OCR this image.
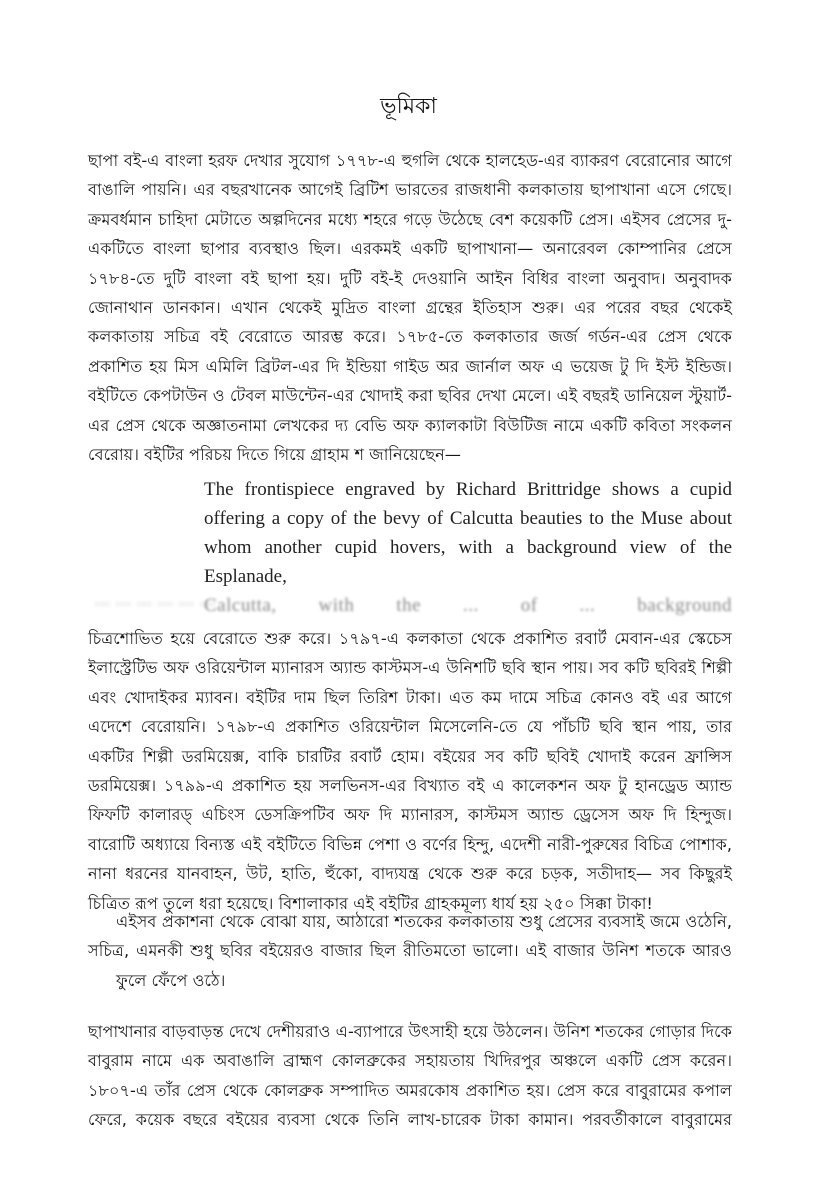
ভূমিকা

ছাপা বই-এ বাংলা হরফ দেখার সুযোগ ১৭৭৮-এ হুগলি থেকে হালহেড-এর ব্যাকরণ বেরোনোর আগে বাঙালি পায়নি। এর বছরখানেক আগেই ব্রিটিশ ভারতের রাজধানী কলকাতায় ছাপাখানা এসে গেছে। ক্রমবর্ধমান চাহিদা মেটাতে অল্পদিনের মধ্যে শহরে গড়ে উঠেছে বেশ কয়েকটি প্রেস। এইসব প্রেসের দু-একটিতে বাংলা ছাপার ব্যবস্থাও ছিল। এরকমই একটি ছাপাখানা— অনারেবল কোম্পানির প্রেসে ১৭৮৪-তে দুটি বাংলা বই ছাপা হয়। দুটি বই-ই দেওয়ানি আইন বিধির বাংলা অনুবাদ। অনুবাদক জোনাথান ডানকান। এখান থেকেই মুদ্রিত বাংলা গ্রন্থের ইতিহাস শুরু। এর পরের বছর থেকেই কলকাতায় সচিত্র বই বেরোতে আরম্ভ করে। ১৭৮৫-তে কলকাতার জর্জ গর্ডন-এর প্রেস থেকে প্রকাশিত হয় মিস এমিলি ব্রিটল-এর দি ইন্ডিয়া গাইড অর জার্নাল অফ এ ভয়েজ টু দি ইস্ট ইন্ডিজ। বইটিতে কেপটাউন ও টেবল মাউন্টেন-এর খোদাই করা ছবির দেখা মেলে। এই বছরই ডানিয়েল স্টুয়ার্ট-এর প্রেস থেকে অজ্ঞাতনামা লেখকের দ্য বেভি অফ ক্যালকাটা বিউটিজ নামে একটি কবিতা সংকলন
বেরোয়। বইটির পরিচয় দিতে গিয়ে গ্রাহাম শ জানিয়েছেন—

The frontispiece engraved by Richard Brittridge shows a cupid offering a copy of the bevy of Calcutta beauties to the Muse about whom another cupid hovers, with a background view of the Esplanade,
Calcutta, with the ... of ... background
... ... ... ... ... ...

চিত্রশোভিত হয়ে বেরোতে শুরু করে। ১৭৯৭-এ কলকাতা থেকে প্রকাশিত রবার্ট মেবান-এর স্কেচেস ইলাস্ট্রেটিভ অফ ওরিয়েন্টাল ম্যানারস অ্যান্ড কাস্টমস-এ উনিশটি ছবি স্থান পায়। সব কটি ছবিরই শিল্পী এবং খোদাইকর ম্যাবন। বইটির দাম ছিল তিরিশ টাকা। এত কম দামে সচিত্র কোনও বই এর আগে এদেশে বেরোয়নি। ১৭৯৮-এ প্রকাশিত ওরিয়েন্টাল মিসেলেনি-তে যে পাঁচটি ছবি স্থান পায়, তার একটির শিল্পী ডরমিয়েক্স, বাকি চারটির রবার্ট হোম। বইয়ের সব কটি ছবিই খোদাই করেন ফ্রান্সিস ডরমিয়েক্স। ১৭৯৯-এ প্রকাশিত হয় সলভিনস-এর বিখ্যাত বই এ কালেকশন অফ টু হানড্রেড অ্যান্ড ফিফটি কালারড্ এচিংস ডেসক্রিপটিব অফ দি ম্যানারস, কাস্টমস অ্যান্ড ড্রেসেস অফ দি হিন্দুজ। বারোটি অধ্যায়ে বিন্যস্ত এই বইটিতে বিভিন্ন পেশা ও বর্ণের হিন্দু, এদেশী নারী-পুরুষের বিচিত্র পোশাক, নানা ধরনের যানবাহন, উট, হাতি, হুঁকো, বাদ্যযন্ত্র থেকে শুরু করে চড়ক, সতীদাহ— সব কিছুরই
চিত্রিত রূপ তুলে ধরা হয়েছে। বিশালাকার এই বইটির গ্রাহকমূল্য ধার্য হয় ২৫০ সিক্কা টাকা!

এইসব প্রকাশনা থেকে বোঝা যায়, আঠারো শতকের কলকাতায় শুধু প্রেসের ব্যবসাই জমে ওঠেনি, সচিত্র, এমনকী শুধু ছবির বইয়েরও বাজার ছিল রীতিমতো ভালো। এই বাজার উনিশ শতকে আরও
ফুলে ফেঁপে ওঠে।

ছাপাখানার বাড়বাড়ন্ত দেখে দেশীয়রাও এ-ব্যাপারে উৎসাহী হয়ে উঠলেন। উনিশ শতকের গোড়ার দিকে বাবুরাম নামে এক অবাঙালি ব্রাহ্মণ কোলব্রুকের সহায়তায় খিদিরপুর অঞ্চলে একটি প্রেস করেন। ১৮০৭-এ তাঁর প্রেস থেকে কোলব্রুক সম্পাদিত অমরকোষ প্রকাশিত হয়। প্রেস করে বাবুরামের কপাল ফেরে, কয়েক বছরে বইয়ের ব্যবসা থেকে তিনি লাখ-চারেক টাকা কামান। পরবর্তীকালে বাবুরামের
